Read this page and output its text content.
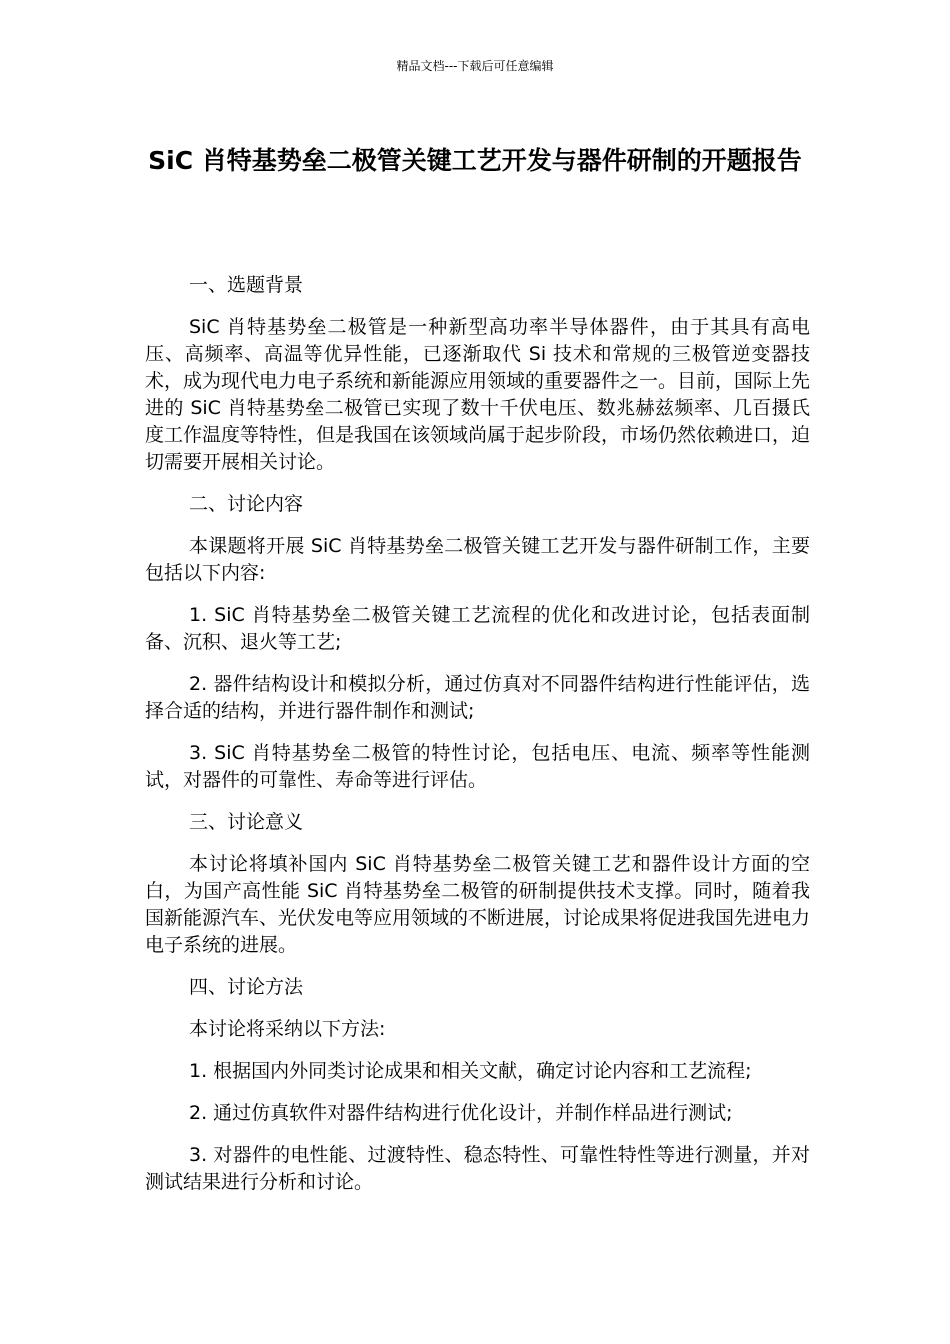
精品文档---下载后可任意编辑
SiC 肖特基势垒二极管关键工艺开发与器件研制的开题报告

一、选题背景

SiC 肖特基势垒二极管是一种新型高功率半导体器件，由于其具有高电压、高频率、高温等优异性能，已逐渐取代 Si 技术和常规的三极管逆变器技术，成为现代电力电子系统和新能源应用领域的重要器件之一。目前，国际上先进的 SiC 肖特基势垒二极管已实现了数十千伏电压、数兆赫兹频率、几百摄氏度工作温度等特性，但是我国在该领域尚属于起步阶段，市场仍然依赖进口，迫切需要开展相关讨论。

二、讨论内容

本课题将开展 SiC 肖特基势垒二极管关键工艺开发与器件研制工作，主要包括以下内容:

1. SiC 肖特基势垒二极管关键工艺流程的优化和改进讨论，包括表面制备、沉积、退火等工艺;

2. 器件结构设计和模拟分析，通过仿真对不同器件结构进行性能评估，选择合适的结构，并进行器件制作和测试;

3. SiC 肖特基势垒二极管的特性讨论，包括电压、电流、频率等性能测试，对器件的可靠性、寿命等进行评估。

三、讨论意义

本讨论将填补国内 SiC 肖特基势垒二极管关键工艺和器件设计方面的空白，为国产高性能 SiC 肖特基势垒二极管的研制提供技术支撑。同时，随着我国新能源汽车、光伏发电等应用领域的不断进展，讨论成果将促进我国先进电力电子系统的进展。

四、讨论方法

本讨论将采纳以下方法:

1. 根据国内外同类讨论成果和相关文献，确定讨论内容和工艺流程;

2. 通过仿真软件对器件结构进行优化设计，并制作样品进行测试;

3. 对器件的电性能、过渡特性、稳态特性、可靠性特性等进行测量，并对测试结果进行分析和讨论。
